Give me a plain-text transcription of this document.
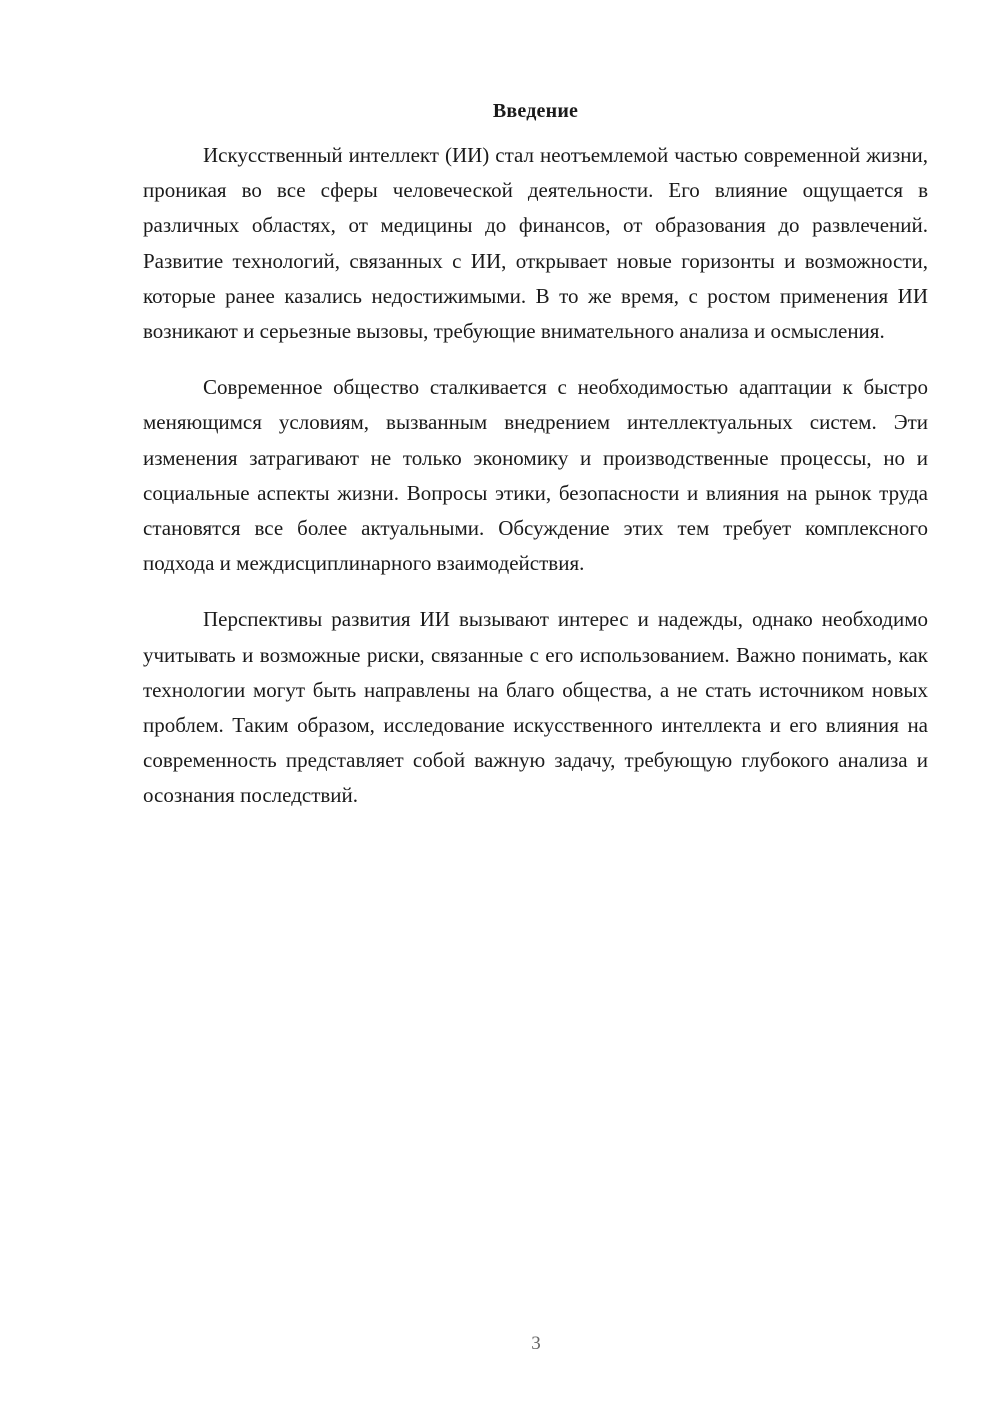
Введение

Искусственный интеллект (ИИ) стал неотъемлемой частью современной жизни, проникая во все сферы человеческой деятельности. Его влияние ощущается в различных областях, от медицины до финансов, от образования до развлечений. Развитие технологий, связанных с ИИ, открывает новые горизонты и возможности, которые ранее казались недостижимыми. В то же время, с ростом применения ИИ возникают и серьезные вызовы, требующие внимательного анализа и осмысления.

Современное общество сталкивается с необходимостью адаптации к быстро меняющимся условиям, вызванным внедрением интеллектуальных систем. Эти изменения затрагивают не только экономику и производственные процессы, но и социальные аспекты жизни. Вопросы этики, безопасности и влияния на рынок труда становятся все более актуальными. Обсуждение этих тем требует комплексного подхода и междисциплинарного взаимодействия.

Перспективы развития ИИ вызывают интерес и надежды, однако необходимо учитывать и возможные риски, связанные с его использованием. Важно понимать, как технологии могут быть направлены на благо общества, а не стать источником новых проблем. Таким образом, исследование искусственного интеллекта и его влияния на современность представляет собой важную задачу, требующую глубокого анализа и осознания последствий.

3
